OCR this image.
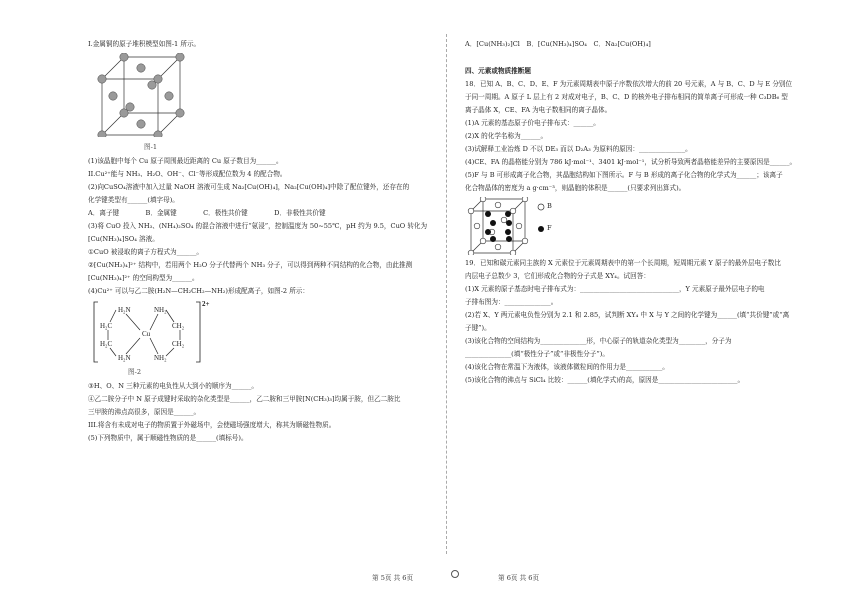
I.金属铜的原子堆积模型如图-1 所示。
图-1
(1)该晶胞中每个 Cu 原子周围最近距离的 Cu 原子数目为______。
II.Cu²⁺能与 NH₃、H₂O、OH⁻、Cl⁻等形成配位数为 4 的配合物。
(2)向CuSO₄溶液中加入过量 NaOH 溶液可生成 Na₂[Cu(OH)₄]，Na₂[Cu(OH)₄]中除了配位键外，还存在的
化学键类型有______(填字母)。
A．离子键　　　　B．金属键　　　　C．极性共价键　　　　D．非极性共价键
(3)将 CuO 投入 NH₃、(NH₄)₂SO₄ 的混合溶液中进行“氨浸”，控制温度为 50~55℃，pH 约为 9.5，CuO 转化为
[Cu(NH₃)₄]SO₄ 溶液。
①CuO 被浸取的离子方程式为______。
②[Cu(NH₃)₄]²⁺ 结构中，若用两个 H₂O 分子代替两个 NH₃ 分子，可以得到两种不同结构的化合物，由此推测
[Cu(NH₃)₄]²⁺ 的空间构型为______。
(4)Cu²⁺ 可以与乙二胺(H₂N—CH₂CH₂—NH₂)形成配离子，如图-2 所示：
H₂N	NH₂
H₂C	CH₂
Cu
H₂C	CH₂
H₂N	NH₂
2+
图-2
③H、O、N 三种元素的电负性从大到小的顺序为______。
④乙二胺分子中 N 原子成键时采取的杂化类型是______，乙二胺和三甲胺[N(CH₃)₃]均属于胺，但乙二胺比
三甲胺的沸点高很多，原因是______。
III.将含有未成对电子的物质置于外磁场中，会使磁场强度增大，称其为顺磁性物质。
(5)下列物质中，属于顺磁性物质的是______(填标号)。
A．[Cu(NH₃)₂]Cl　B．[Cu(NH₃)₄]SO₄　C．Na₂[Cu(OH)₄]
四、元素或物质推断题
18．已知 A、B、C、D、E、F 为元素周期表中原子序数依次增大的前 20 号元素，A 与 B、C、D 与 E 分别位
于同一周期。A 原子 L 层上有 2 对成对电子，B、C、D 的核外电子排布相同的简单离子可形成一种 C₃DB₆ 型
离子晶体 X，CE、FA 为电子数相同的离子晶体。
(1)A 元素的基态原子价电子排布式：______。
(2)X 的化学名称为______。
(3)试解释工业冶炼 D 不以 DE₃ 而以 D₂A₃ 为原料的原因：______________。
(4)CE、FA 的晶格能分别为 786 kJ·mol⁻¹、3401 kJ·mol⁻¹，试分析导致两者晶格能差异的主要原因是______。
(5)F 与 B 可形成离子化合物，其晶胞结构如下图所示。F 与 B 形成的离子化合物的化学式为______；该离子
化合物晶体的密度为 a g·cm⁻³，则晶胞的体积是______(只要求列出算式)。
B
F
19．已知和碳元素同主族的 X 元素位于元素周期表中的第一个长周期，短周期元素 Y 原子的最外层电子数比
内层电子总数少 3，它们形成化合物的分子式是 XY₄。试回答：
(1)X 元素的原子基态时电子排布式为：______________________________，Y 元素原子最外层电子的电
子排布图为：______________。
(2)若 X、Y 两元素电负性分别为 2.1 和 2.85，试判断 XY₄ 中 X 与 Y 之间的化学键为______(填“共价键”或“离
子键”)。
(3)该化合物的空间结构为______________形，中心原子的轨道杂化类型为________，分子为
______________(填“极性分子”或“非极性分子”)。
(4)该化合物在常温下为液体，该液体微粒间的作用力是___________。
(5)该化合物的沸点与 SiCl₄ 比较：______(填化学式)的高，原因是________________________。
第 5页 共 6页	第 6页 共 6页
